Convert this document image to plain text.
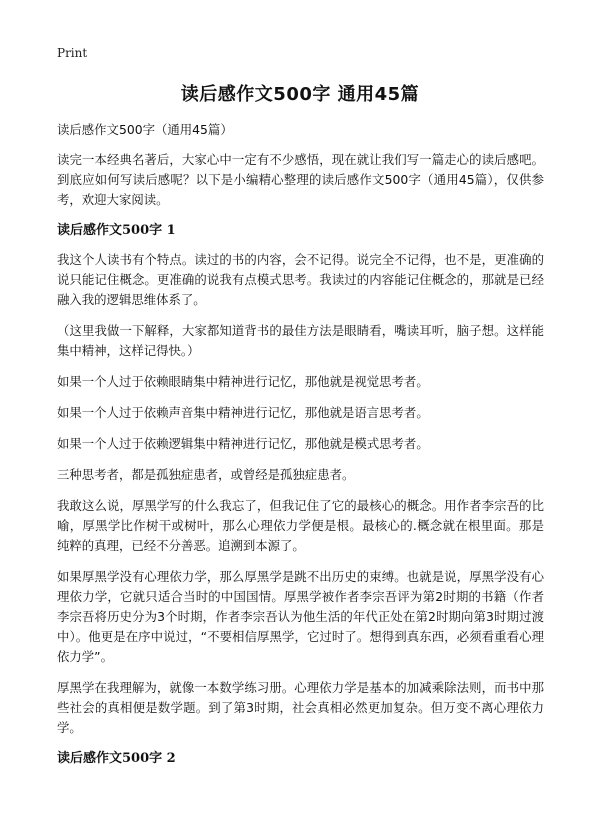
Print
读后感作文500字 通用45篇
读后感作文500字（通用45篇）

读完一本经典名著后，大家心中一定有不少感悟，现在就让我们写一篇走心的读后感吧。到底应如何写读后感呢？以下是小编精心整理的读后感作文500字（通用45篇），仅供参考，欢迎大家阅读。

读后感作文500字 1

我这个人读书有个特点。读过的书的内容，会不记得。说完全不记得，也不是，更准确的说只能记住概念。更准确的说我有点模式思考。我读过的内容能记住概念的，那就是已经融入我的逻辑思维体系了。

（这里我做一下解释，大家都知道背书的最佳方法是眼睛看，嘴读耳听，脑子想。这样能集中精神，这样记得快。）

如果一个人过于依赖眼睛集中精神进行记忆，那他就是视觉思考者。

如果一个人过于依赖声音集中精神进行记忆，那他就是语言思考者。

如果一个人过于依赖逻辑集中精神进行记忆，那他就是模式思考者。

三种思考者，都是孤独症患者，或曾经是孤独症患者。

我敢这么说，厚黑学写的什么我忘了，但我记住了它的最核心的概念。用作者李宗吾的比喻，厚黑学比作树干或树叶，那么心理依力学便是根。最核心的.概念就在根里面。那是纯粹的真理，已经不分善恶。追溯到本源了。

如果厚黑学没有心理依力学，那么厚黑学是跳不出历史的束缚。也就是说，厚黑学没有心理依力学，它就只适合当时的中国国情。厚黑学被作者李宗吾评为第2时期的书籍（作者李宗吾将历史分为3个时期，作者李宗吾认为他生活的年代正处在第2时期向第3时期过渡中）。他更是在序中说过，“不要相信厚黑学，它过时了。想得到真东西，必须看重看心理依力学”。

厚黑学在我理解为，就像一本数学练习册。心理依力学是基本的加减乘除法则，而书中那些社会的真相便是数学题。到了第3时期，社会真相必然更加复杂。但万变不离心理依力学。

读后感作文500字 2
